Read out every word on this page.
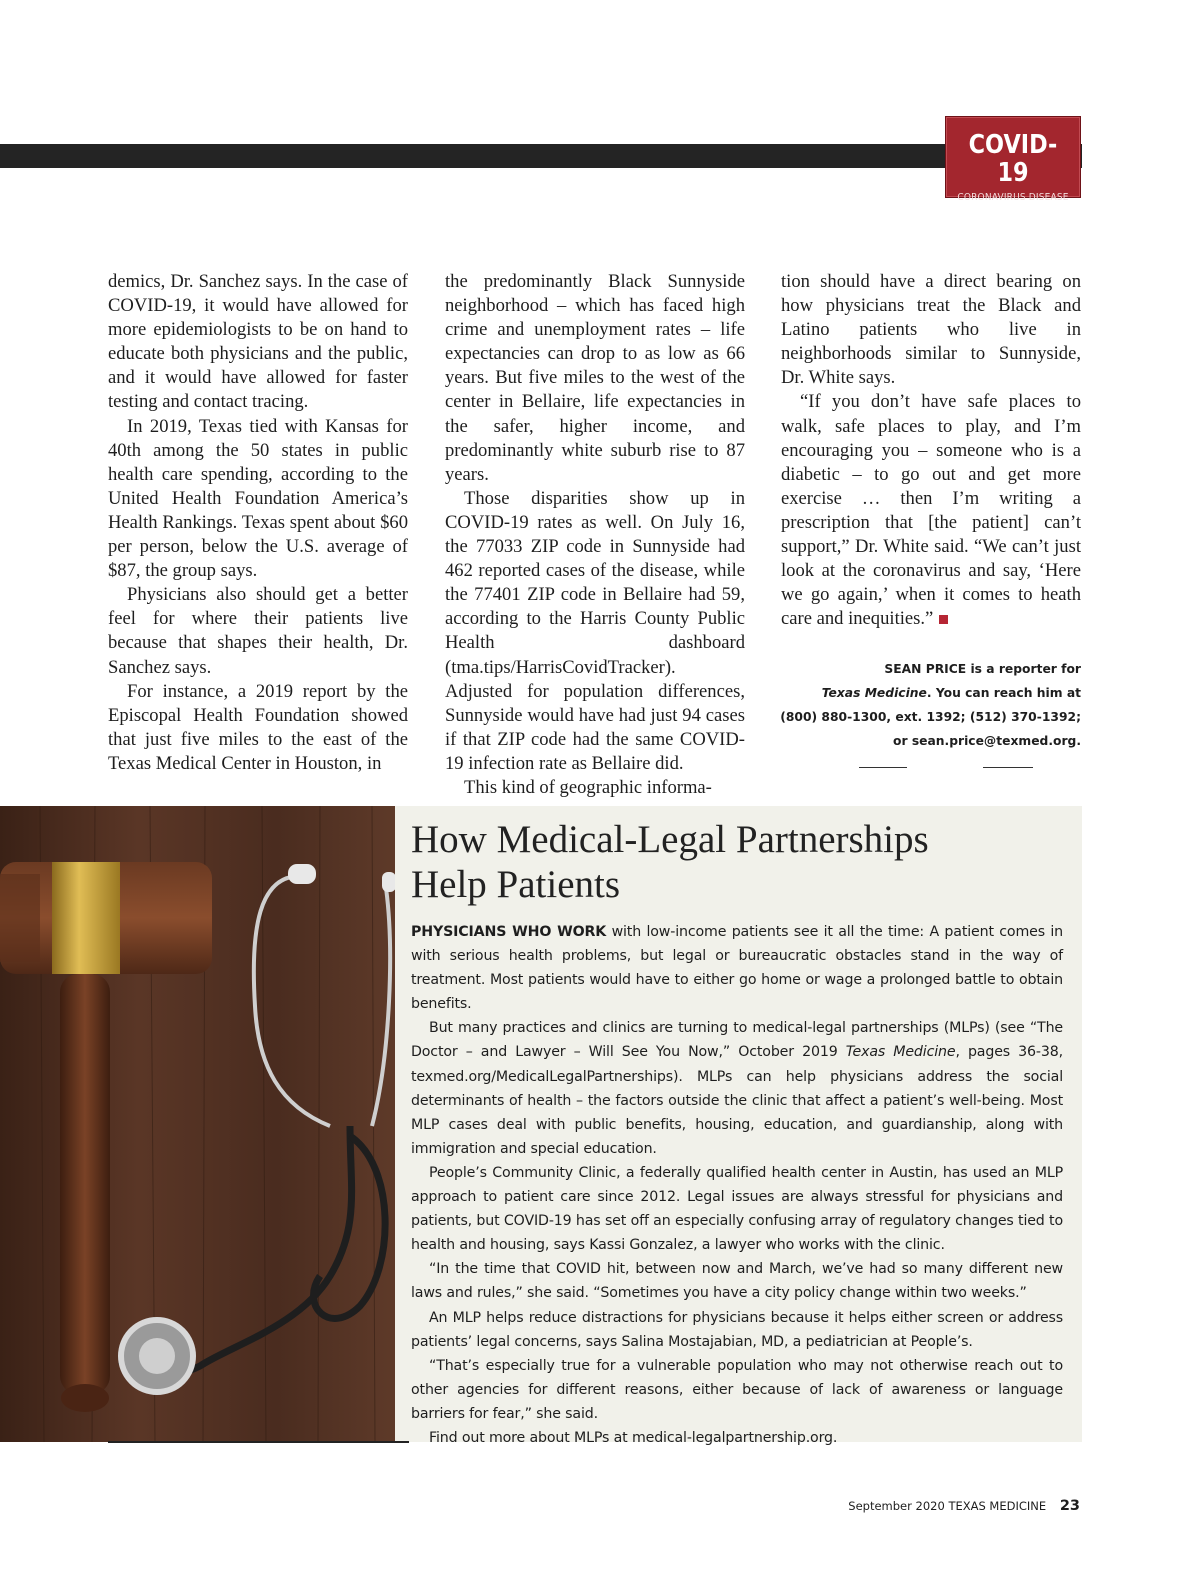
COVID-19
CORONAVIRUS DISEASE

demics, Dr. Sanchez says. In the case of COVID-19, it would have allowed for more epidemiologists to be on hand to educate both physicians and the public, and it would have allowed for faster testing and contact tracing.

In 2019, Texas tied with Kansas for 40th among the 50 states in public health care spending, according to the United Health Foundation America’s Health Rankings. Texas spent about $60 per person, below the U.S. average of $87, the group says.

Physicians also should get a better feel for where their patients live because that shapes their health, Dr. Sanchez says.

For instance, a 2019 report by the Episcopal Health Foundation showed that just five miles to the east of the Texas Medical Center in Houston, in

the predominantly Black Sunnyside neighborhood – which has faced high crime and unemployment rates – life expectancies can drop to as low as 66 years. But five miles to the west of the center in Bellaire, life expectancies in the safer, higher income, and predominantly white suburb rise to 87 years.

Those disparities show up in COVID-19 rates as well. On July 16, the 77033 ZIP code in Sunnyside had 462 reported cases of the disease, while the 77401 ZIP code in Bellaire had 59, according to the Harris County Public Health dashboard (tma.tips/HarrisCovidTracker). Adjusted for population differences, Sunnyside would have had just 94 cases if that ZIP code had the same COVID-19 infection rate as Bellaire did.

This kind of geographic informa-

tion should have a direct bearing on how physicians treat the Black and Latino patients who live in neighborhoods similar to Sunnyside, Dr. White says.

“If you don’t have safe places to walk, safe places to play, and I’m encouraging you – someone who is a diabetic – to go out and get more exercise … then I’m writing a prescription that [the patient] can’t support,” Dr. White said. “We can’t just look at the coronavirus and say, ‘Here we go again,’ when it comes to heath care and inequities.”

SEAN PRICE is a reporter for
Texas Medicine. You can reach him at
(800) 880-1300, ext. 1392; (512) 370-1392;
or sean.price@texmed.org.
How Medical-Legal Partnerships
Help Patients

PHYSICIANS WHO WORK with low-income patients see it all the time: A patient comes in with serious health problems, but legal or bureaucratic obstacles stand in the way of treatment. Most patients would have to either go home or wage a prolonged battle to obtain benefits.

But many practices and clinics are turning to medical-legal partnerships (MLPs) (see “The Doctor – and Lawyer – Will See You Now,” October 2019 Texas Medicine, pages 36-38, texmed.org/MedicalLegalPartnerships). MLPs can help physicians address the social determinants of health – the factors outside the clinic that affect a patient’s well-being. Most MLP cases deal with public benefits, housing, education, and guardianship, along with immigration and special education.

People’s Community Clinic, a federally qualified health center in Austin, has used an MLP approach to patient care since 2012. Legal issues are always stressful for physicians and patients, but COVID-19 has set off an especially confusing array of regulatory changes tied to health and housing, says Kassi Gonzalez, a lawyer who works with the clinic.

“In the time that COVID hit, between now and March, we’ve had so many different new laws and rules,” she said. “Sometimes you have a city policy change within two weeks.”

An MLP helps reduce distractions for physicians because it helps either screen or address patients’ legal concerns, says Salina Mostajabian, MD, a pediatrician at People’s.

“That’s especially true for a vulnerable population who may not otherwise reach out to other agencies for different reasons, either because of lack of awareness or language barriers for fear,” she said.

Find out more about MLPs at medical-legalpartnership.org.

September 2020 TEXAS MEDICINE 23
